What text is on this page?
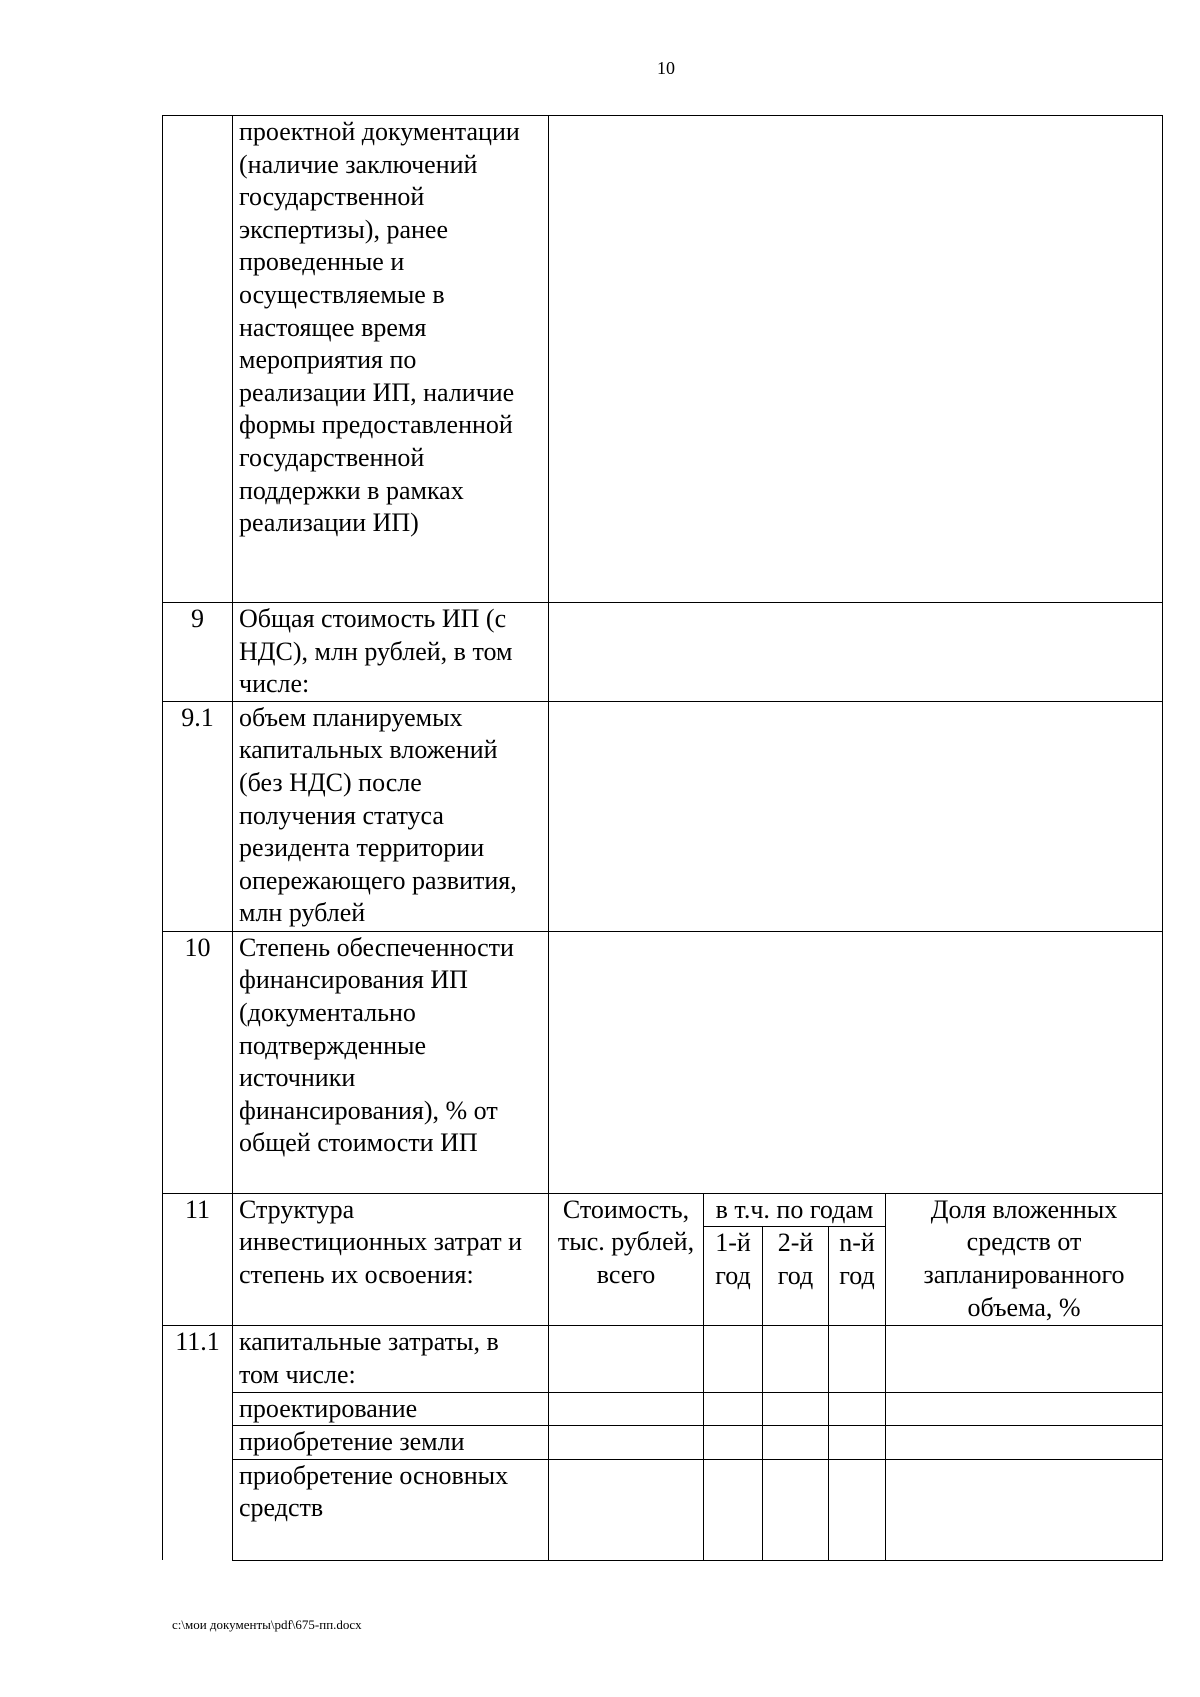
10
	проектной документации (наличие заключений государственной экспертизы), ранее проведенные и осуществляемые в настоящее время мероприятия по реализации ИП, наличие формы предоставленной государственной поддержки в рамках реализации ИП)					
9	Общая стоимость ИП (с НДС), млн рублей, в том числе:					
9.1	объем планируемых капитальных вложений (без НДС) после получения статуса резидента территории опережающего развития, млн рублей					
10	Степень обеспеченности финансирования ИП (документально подтвержденные источники финансирования), % от общей стоимости ИП					
11	Структура инвестиционных затрат и степень их освоения:	Стоимость, тыс. рублей, всего	в т.ч. по годам			Доля вложенных средств от запланированного объема, %
			1-й год	2-й год	n-й год	
11.1	капитальные затраты, в том числе:					
	проектирование					
	приобретение земли					
	приобретение основных средств					
c:\мои документы\pdf\675-пп.docx
